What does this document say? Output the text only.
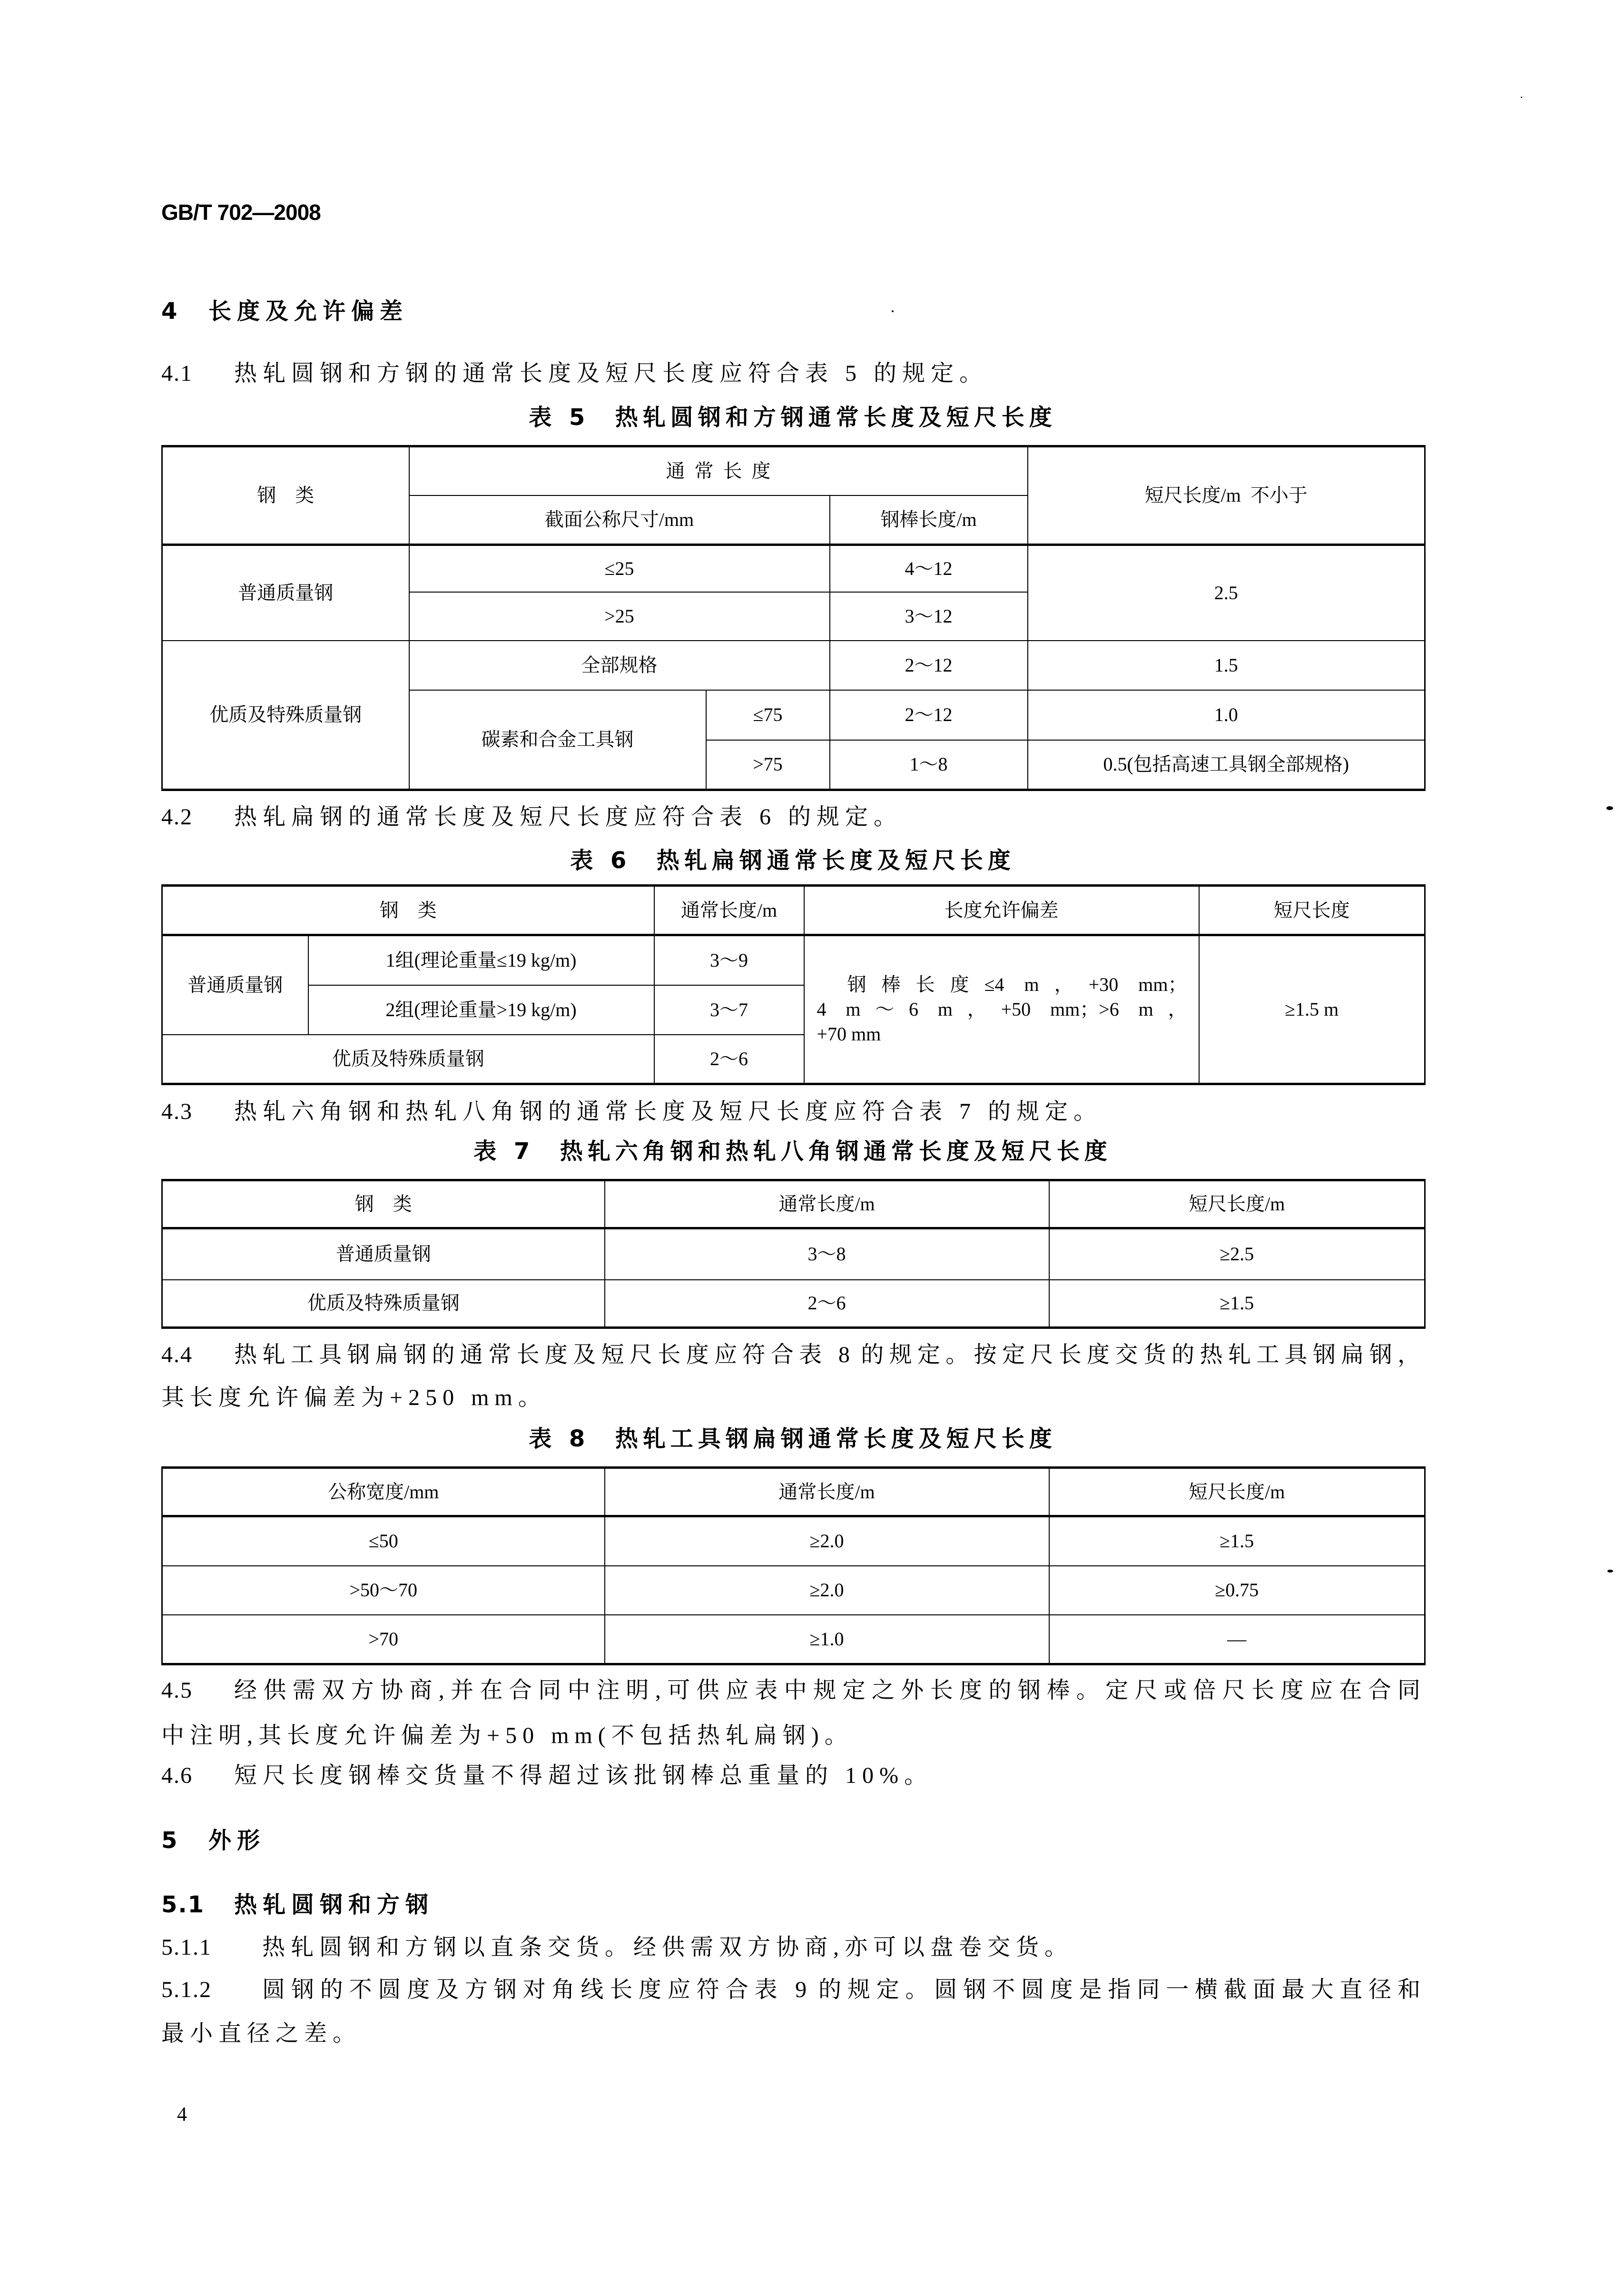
GB/T 702—2008
4 长度及允许偏差
4.1 热轧圆钢和方钢的通常长度及短尺长度应符合表 5 的规定。
表 5  热轧圆钢和方钢通常长度及短尺长度
钢    类	通  常  长  度			短尺长度/m  不小于
	截面公称尺寸/mm		钢棒长度/m	
普通质量钢	≤25		4～12	2.5
	>25		3～12	
优质及特殊质量钢	全部规格		2～12	1.5
	碳素和合金工具钢	≤75	2～12	1.0
		>75	1～8	0.5(包括高速工具钢全部规格)
4.2 热轧扁钢的通常长度及短尺长度应符合表 6 的规定。
表 6  热轧扁钢通常长度及短尺长度
钢    类		通常长度/m	长度允许偏差	短尺长度
普通质量钢	1组(理论重量≤19 kg/m)	3～9	钢棒长度≤4 m，+30 mm；
4 m～6 m，+50 mm；>6 m，
+70 mm	≥1.5 m
	2组(理论重量>19 kg/m)	3～7		
优质及特殊质量钢		2～6		
4.3 热轧六角钢和热轧八角钢的通常长度及短尺长度应符合表 7 的规定。
表 7  热轧六角钢和热轧八角钢通常长度及短尺长度
钢    类	通常长度/m	短尺长度/m
普通质量钢	3～8	≥2.5
优质及特殊质量钢	2～6	≥1.5
4.4 热轧工具钢扁钢的通常长度及短尺长度应符合表 8 的规定。按定尺长度交货的热轧工具钢扁钢，
其长度允许偏差为+250 mm。
表 8  热轧工具钢扁钢通常长度及短尺长度
公称宽度/mm	通常长度/m	短尺长度/m
≤50	≥2.0	≥1.5
>50～70	≥2.0	≥0.75
>70	≥1.0	—
4.5 经供需双方协商,并在合同中注明,可供应表中规定之外长度的钢棒。定尺或倍尺长度应在合同
中注明,其长度允许偏差为+50 mm(不包括热轧扁钢)。
4.6 短尺长度钢棒交货量不得超过该批钢棒总重量的 10%。
5 外形
5.1 热轧圆钢和方钢
5.1.1 热轧圆钢和方钢以直条交货。经供需双方协商,亦可以盘卷交货。
5.1.2 圆钢的不圆度及方钢对角线长度应符合表 9 的规定。圆钢不圆度是指同一横截面最大直径和
最小直径之差。
4
